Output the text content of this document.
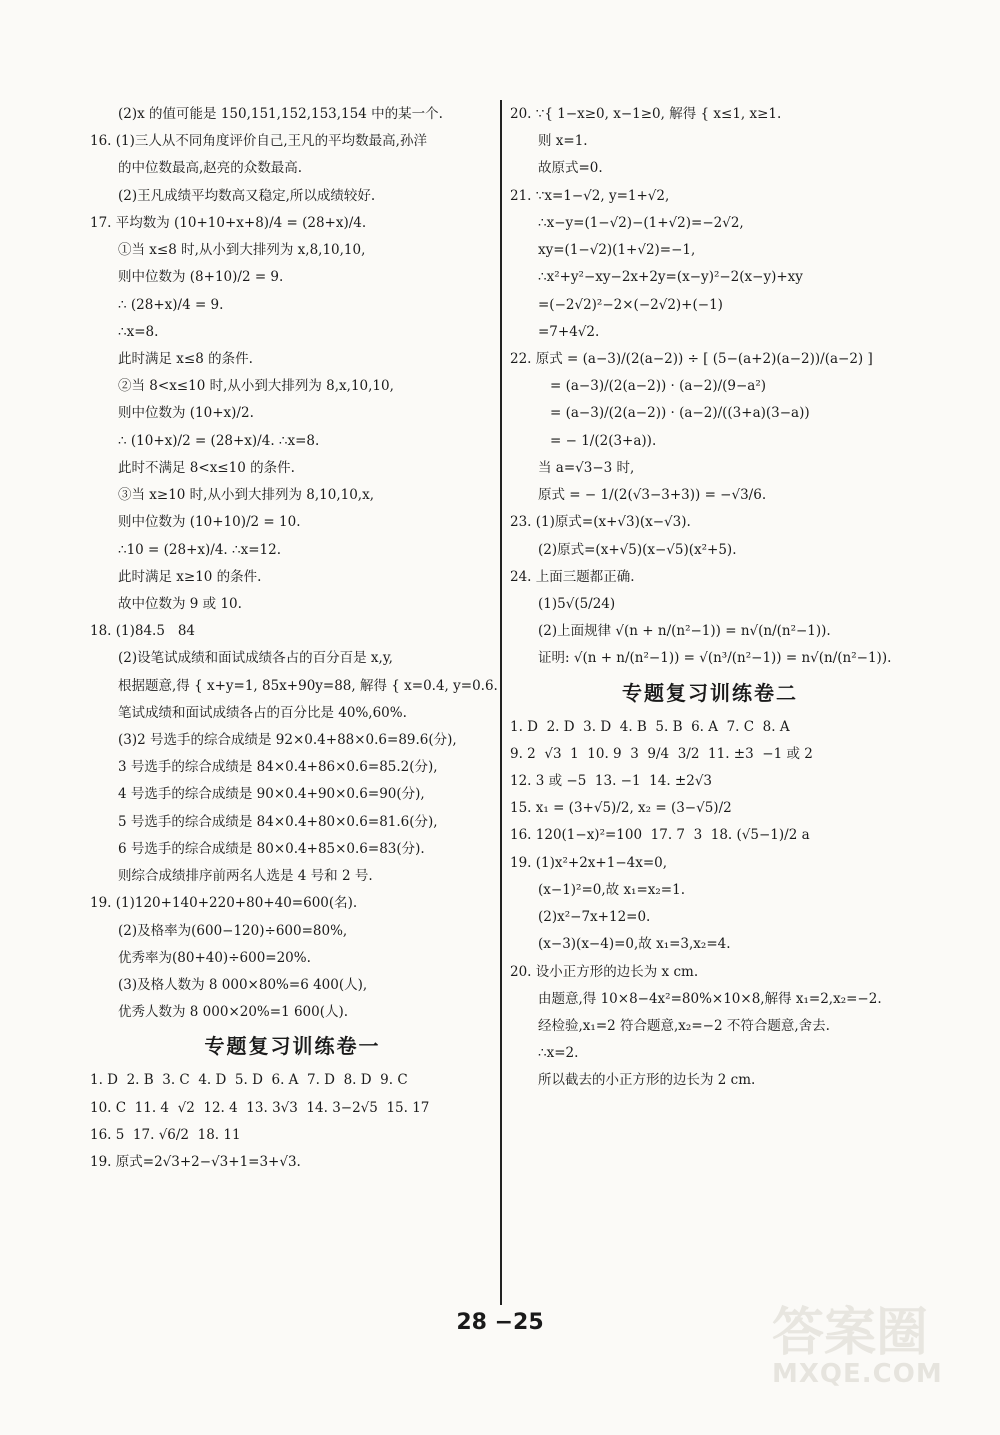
(2)x 的值可能是 150,151,152,153,154 中的某一个.
16. (1)三人从不同角度评价自己,王凡的平均数最高,孙洋
的中位数最高,赵亮的众数最高.
(2)王凡成绩平均数高又稳定,所以成绩较好.
17. 平均数为 (10+10+x+8)/4 = (28+x)/4.
①当 x≤8 时,从小到大排列为 x,8,10,10,
则中位数为 (8+10)/2 = 9.
∴ (28+x)/4 = 9.
∴x=8.
此时满足 x≤8 的条件.
②当 8<x≤10 时,从小到大排列为 8,x,10,10,
则中位数为 (10+x)/2.
∴ (10+x)/2 = (28+x)/4. ∴x=8.
此时不满足 8<x≤10 的条件.
③当 x≥10 时,从小到大排列为 8,10,10,x,
则中位数为 (10+10)/2 = 10.
∴10 = (28+x)/4. ∴x=12.
此时满足 x≥10 的条件.
故中位数为 9 或 10.
18. (1)84.5   84
(2)设笔试成绩和面试成绩各占的百分百是 x,y,
根据题意,得 { x+y=1, 85x+90y=88, 解得 { x=0.4, y=0.6.
笔试成绩和面试成绩各占的百分比是 40%,60%.
(3)2 号选手的综合成绩是 92×0.4+88×0.6=89.6(分),
3 号选手的综合成绩是 84×0.4+86×0.6=85.2(分),
4 号选手的综合成绩是 90×0.4+90×0.6=90(分),
5 号选手的综合成绩是 84×0.4+80×0.6=81.6(分),
6 号选手的综合成绩是 80×0.4+85×0.6=83(分).
则综合成绩排序前两名人选是 4 号和 2 号.
19. (1)120+140+220+80+40=600(名).
(2)及格率为(600−120)÷600=80%,
优秀率为(80+40)÷600=20%.
(3)及格人数为 8 000×80%=6 400(人),
优秀人数为 8 000×20%=1 600(人).
专题复习训练卷一
1. D  2. B  3. C  4. D  5. D  6. A  7. D  8. D  9. C
10. C  11. 4  √2  12. 4  13. 3√3  14. 3−2√5  15. 17
16. 5  17. √6/2  18. 11
19. 原式=2√3+2−√3+1=3+√3.
20. ∵{ 1−x≥0, x−1≥0, 解得 { x≤1, x≥1.
则 x=1.
故原式=0.
21. ∵x=1−√2, y=1+√2,
∴x−y=(1−√2)−(1+√2)=−2√2,
xy=(1−√2)(1+√2)=−1,
∴x²+y²−xy−2x+2y=(x−y)²−2(x−y)+xy
=(−2√2)²−2×(−2√2)+(−1)
=7+4√2.
22. 原式 = (a−3)/(2(a−2)) ÷ [ (5−(a+2)(a−2))/(a−2) ]
= (a−3)/(2(a−2)) · (a−2)/(9−a²)
= (a−3)/(2(a−2)) · (a−2)/((3+a)(3−a))
= − 1/(2(3+a)).
当 a=√3−3 时,
原式 = − 1/(2(√3−3+3)) = −√3/6.
23. (1)原式=(x+√3)(x−√3).
(2)原式=(x+√5)(x−√5)(x²+5).
24. 上面三题都正确.
(1)5√(5/24)
(2)上面规律 √(n + n/(n²−1)) = n√(n/(n²−1)).
证明: √(n + n/(n²−1)) = √(n³/(n²−1)) = n√(n/(n²−1)).
专题复习训练卷二
1. D  2. D  3. D  4. B  5. B  6. A  7. C  8. A
9. 2  √3  1  10. 9  3  9/4  3/2  11. ±3  −1 或 2
12. 3 或 −5  13. −1  14. ±2√3
15. x₁ = (3+√5)/2, x₂ = (3−√5)/2
16. 120(1−x)²=100  17. 7  3  18. (√5−1)/2 a
19. (1)x²+2x+1−4x=0,
(x−1)²=0,故 x₁=x₂=1.
(2)x²−7x+12=0.
(x−3)(x−4)=0,故 x₁=3,x₂=4.
20. 设小正方形的边长为 x cm.
由题意,得 10×8−4x²=80%×10×8,解得 x₁=2,x₂=−2.
经检验,x₁=2 符合题意,x₂=−2 不符合题意,舍去.
∴x=2.
所以截去的小正方形的边长为 2 cm.
28 −25	答案圈
MXQE.COM
